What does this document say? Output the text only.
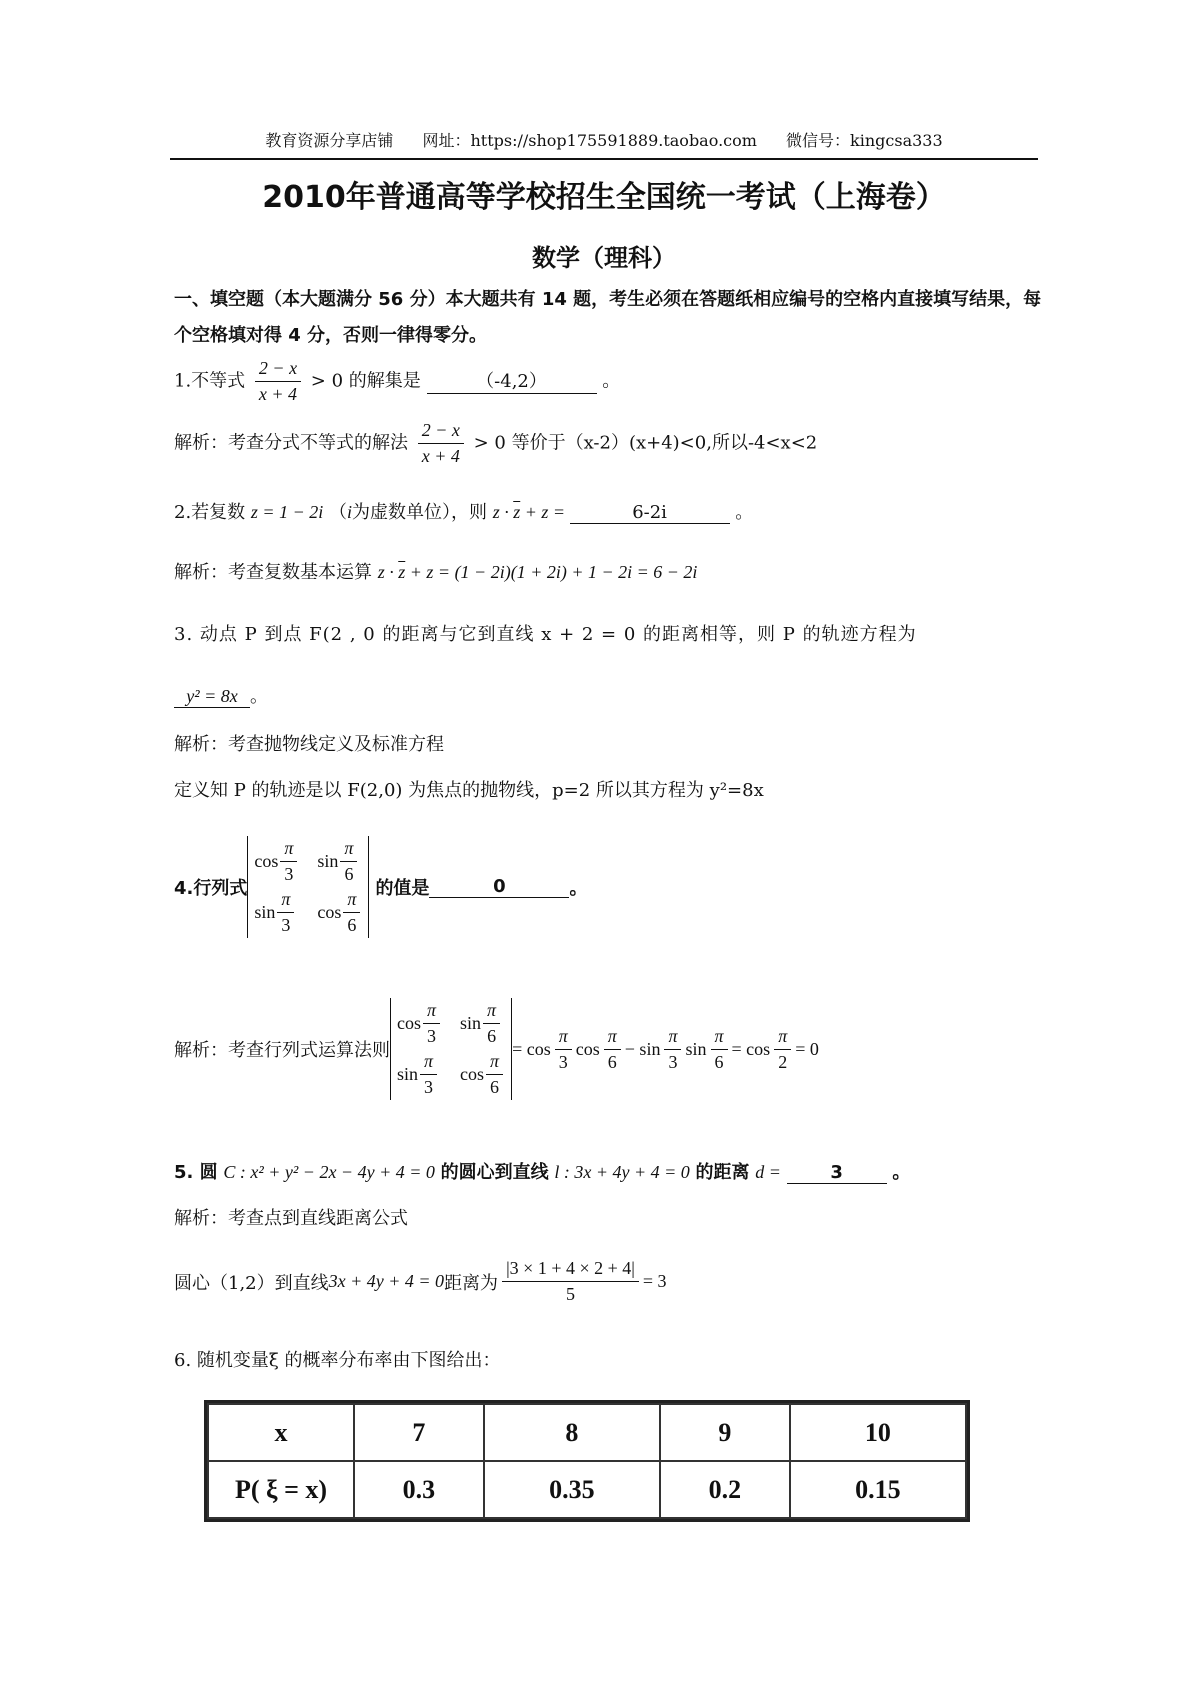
教育资源分享店铺 网址：https://shop175591889.taobao.com 微信号：kingcsa333
2010年普通高等学校招生全国统一考试（上海卷）
数学（理科）
一、填空题（本大题满分 56 分）本大题共有 14 题，考生必须在答题纸相应编号的空格内直接填写结果，每个空格填对得 4 分，否则一律得零分。
1.不等式 $\frac{2 - x}{x + 4} > 0$ 的解集是	（-4,2）	。
解析：考查分式不等式的解法 $\frac{2 - x}{x + 4} > 0$ 等价于（x-2）(x+4)<0,所以-4<x<2
2.若复数 z = 1 − 2i （i为虚数单位），则 $z \cdot \overline{z} + z$ =	6-2i	。
解析：考查复数基本运算 $z \cdot \overline{z} + z = (1 - 2i)(1 + 2i) + 1 - 2i = 6 - 2i$
3. 动点 P 到点 F(2 , 0 的距离与它到直线 x + 2 = 0 的距离相等，则 P 的轨迹方程为
y² = 8x 。
解析：考查抛物线定义及标准方程
定义知 P 的轨迹是以 F(2,0) 为焦点的抛物线，p=2 所以其方程为 y²=8x
4.行列式
$\cos \frac{\pi}{3}$ $\sin \frac{\pi}{6}$
$\sin \frac{\pi}{3}$ $\cos \frac{\pi}{6}$
的值是	0	。
解析：考查行列式运算法则
$\cos \frac{\pi}{3}$ $\sin \frac{\pi}{6}$
$\sin \frac{\pi}{3}$ $\cos \frac{\pi}{6}$
= $\cos \frac{\pi}{3}$ $\cos \frac{\pi}{6} - \sin \frac{\pi}{3}$ $\sin \frac{\pi}{6} = \cos \frac{\pi}{2} = 0$
5. 圆 C : x² + y² − 2x − 4y + 4 = 0 的圆心到直线 l : 3x + 4y + 4 = 0 的距离 d =	3	。
解析：考查点到直线距离公式
圆心（1,2）到直线 3x + 4y + 4 = 0 距离为 $\frac{|3 \times 1 + 4 \times 2 + 4|}{5} = 3$
6. 随机变量ξ 的概率分布率由下图给出：
x	7	8	9	10
P( ξ = x)	0.3	0.35	0.2	0.15
